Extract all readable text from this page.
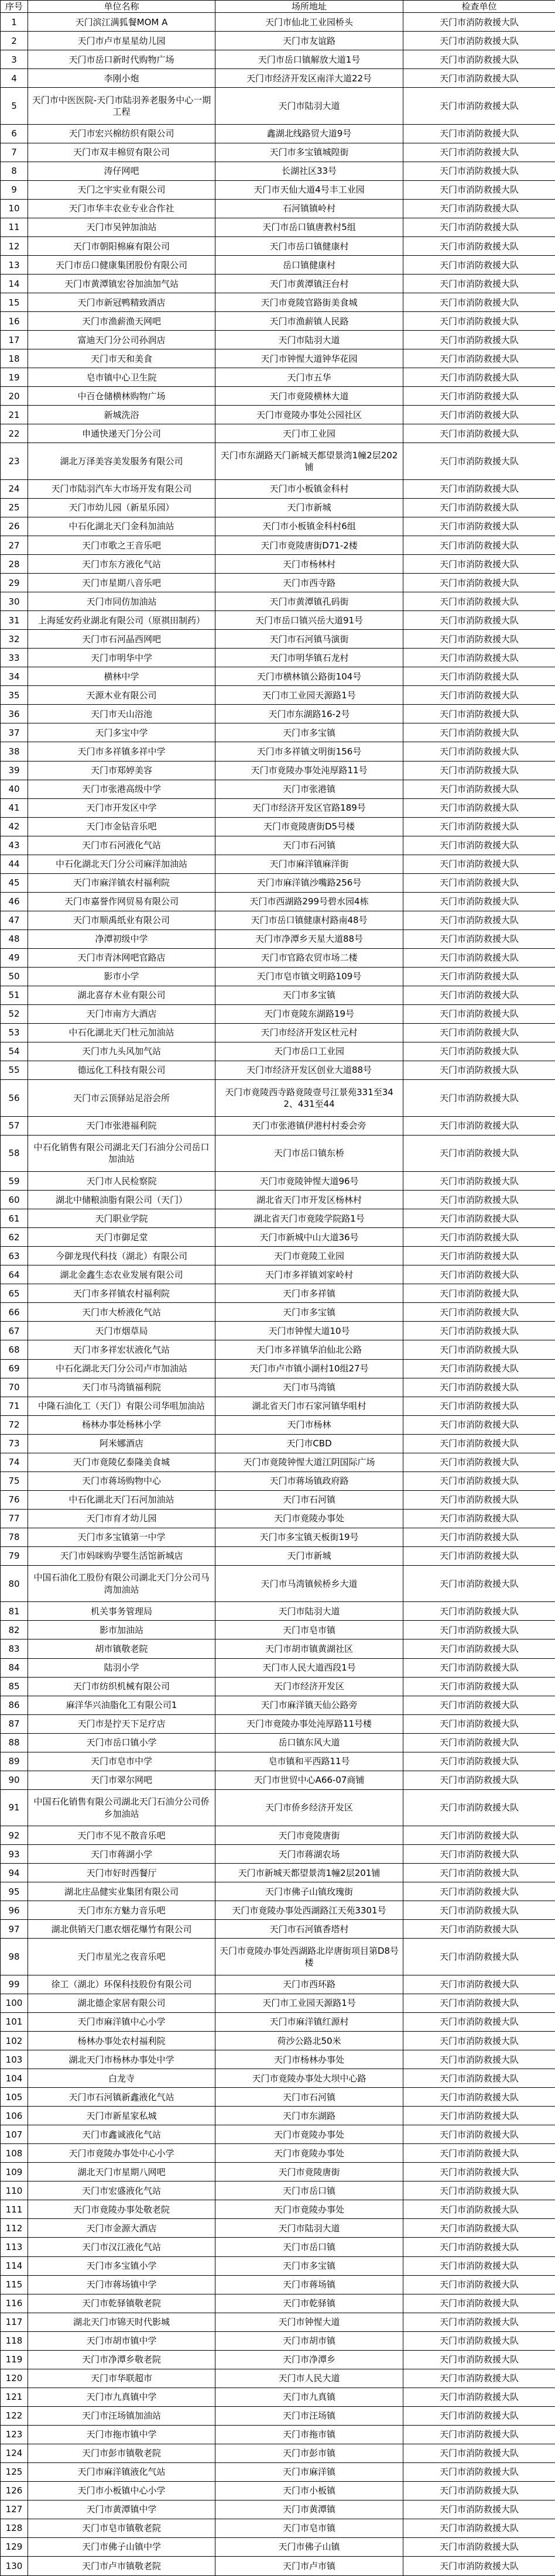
序号	单位名称	场所地址	检查单位
1	天门滨江满狐餐MOM A	天门市仙北工业园桥头	天门市消防救援大队
2	天门市卢市星星幼儿园	天门市友谊路	天门市消防救援大队
3	天门市岳口新时代购物广场	天门市岳口镇解放大道1号	天门市消防救援大队
4	李刚小炮	天门市经济开发区南洋大道22号	天门市消防救援大队
5	天门市中医医院-天门市陆羽养老服务中心一期工程	天门市陆羽大道	天门市消防救援大队
6	天门市宏兴棉纺织有限公司	鑫湖北线路贸大道9号	天门市消防救援大队
7	天门市双丰棉贸有限公司	天门市多宝镇城隍街	天门市消防救援大队
8	涛仔网吧	长湖社区33号	天门市消防救援大队
9	天门之宇实业有限公司	天门市天仙大道4号丰工业园	天门市消防救援大队
10	天门市华丰农业专业合作社	石河镇镇岭村	天门市消防救援大队
11	天门市吴钟加油站	天门市岳口镇唐教村5组	天门市消防救援大队
12	天门市朝阳棉麻有限公司	天门市岳口镇健康村	天门市消防救援大队
13	天门市岳口健康集团股份有限公司	岳口镇健康村	天门市消防救援大队
14	天门市黄潭镇宏谷加油加气站	天门市黄潭镇汪台村	天门市消防救援大队
15	天门市新冠鸭精致酒店	天门市竟陵官路街美食城	天门市消防救援大队
16	天门市渔薪渔天网吧	天门市渔薪镇人民路	天门市消防救援大队
17	富迪天门分公司孙润店	天门市陆羽大道	天门市消防救援大队
18	天门市天和美食	天门市钟惺大道钟华花园	天门市消防救援大队
19	皂市镇中心卫生院	天门市五华	天门市消防救援大队
20	中百仓储横林购物广场	天门市竟陵横林大道	天门市消防救援大队
21	新城洗浴	天门市竟陵办事处公园社区	天门市消防救援大队
22	申通快递天门分公司	天门市工业园	天门市消防救援大队
23	湖北万泽美容美发服务有限公司	天门市东湖路天门新城天都望景湾1幢2层202铺	天门市消防救援大队
24	天门市陆羽汽车大市场开发有限公司	天门市小板镇金科村	天门市消防救援大队
25	天门市幼儿园（新星乐园）	天门市新城	天门市消防救援大队
26	中石化湖北天门金科加油站	天门市小板镇金科村6组	天门市消防救援大队
27	天门市歌之王音乐吧	天门市竟陵唐街D71-2楼	天门市消防救援大队
28	天门市东方液化气站	天门市杨林村	天门市消防救援大队
29	天门市星期八音乐吧	天门市西寺路	天门市消防救援大队
30	天门市同仿加油站	天门市黄潭镇孔码街	天门市消防救援大队
31	上海延安药业湖北有限公司（原祺田制药）	天门市岳口镇兴岳大道91号	天门市消防救援大队
32	天门市石河晶西网吧	天门市石河镇马演街	天门市消防救援大队
33	天门市明华中学	天门市明华镇石龙村	天门市消防救援大队
34	横林中学	天门市横林镇公路街104号	天门市消防救援大队
35	天源木业有限公司	天门市工业园天源路1号	天门市消防救援大队
36	天门市天山浴池	天门市东湖路16-2号	天门市消防救援大队
37	天门多宝中学	天门市多宝镇	天门市消防救援大队
38	天门市多祥镇多祥中学	天门市多祥镇文明街156号	天门市消防救援大队
39	天门市郑婷美容	天门市竟陵办事处沌厚路11号	天门市消防救援大队
40	天门市张港高级中学	天门市张港镇	天门市消防救援大队
41	天门市开发区中学	天门市经济开发区官路189号	天门市消防救援大队
42	天门市金钻音乐吧	天门市竟陵唐街D5号楼	天门市消防救援大队
43	天门市石河液化气站	天门市石河镇	天门市消防救援大队
44	中石化湖北天门分公司麻洋加油站	天门市麻洋镇麻洋街	天门市消防救援大队
45	天门市麻洋镇农村福利院	天门市麻洋镇沙嘴路256号	天门市消防救援大队
46	天门市嘉誉作网贸易有限公司	天门市西湖路299号碧水园4栋	天门市消防救援大队
47	天门市顺禹纸业有限公司	天门市岳口镇健康村路南48号	天门市消防救援大队
48	净潭初级中学	天门市净潭乡天星大道88号	天门市消防救援大队
49	天门市青沐网吧官路店	天门市官路农贸市场二楼	天门市消防救援大队
50	影市小学	天门市皂市镇文明路109号	天门市消防救援大队
51	湖北喜存木业有限公司	天门市多宝镇	天门市消防救援大队
52	天门市南方大酒店	天门市竟陵东湖路19号	天门市消防救援大队
53	中石化湖北天门杜元加油站	天门市经济开发区杜元村	天门市消防救援大队
54	天门市九头风加气站	天门市岳口工业园	天门市消防救援大队
55	德远化工科技有限公司	天门市经济开发区创业大道88号	天门市消防救援大队
56	天门市云顶驿站足浴会所	天门市竟陵西寺路竟陵壹号江景苑331至342、431至44	天门市消防救援大队
57	天门市张港福利院	天门市张港镇伊港村村委会旁	天门市消防救援大队
58	中石化销售有限公司湖北天门石油分公司岳口加油站	天门市岳口镇东桥	天门市消防救援大队
59	天门市人民检察院	天门市竟陵钟惺大道96号	天门市消防救援大队
60	湖北中储粮油脂有限公司（天门）	湖北省天门市开发区杨林村	天门市消防救援大队
61	天门职业学院	湖北省天门市竟陵学院路1号	天门市消防救援大队
62	天门市御足堂	天门市新城中山大道36号	天门市消防救援大队
63	今御龙现代科技（湖北）有限公司	天门市竟陵工业园	天门市消防救援大队
64	湖北金鑫生态农业发展有限公司	天门市多祥镇刘家岭村	天门市消防救援大队
65	天门市多祥镇农村福利院	天门市多祥镇	天门市消防救援大队
66	天门市大桥液化气站	天门市多宝镇	天门市消防救援大队
67	天门市烟草局	天门市钟惺大道10号	天门市消防救援大队
68	天门市多祥宏状液化气站	天门市多祥镇华泊仙北公路	天门市消防救援大队
69	中石化湖北天门分公司卢市加油站	天门市卢市镇小湖村10组27号	天门市消防救援大队
70	天门市马湾镇福利院	天门市马湾镇	天门市消防救援大队
71	中隆石油化工（天门）有限公司华咀加油站	湖北省天门市石家河镇华咀村	天门市消防救援大队
72	杨林办事处杨林小学	天门市杨林	天门市消防救援大队
73	阿米娜酒店	天门市CBD	天门市消防救援大队
74	天门市竟陵亿泰隆美食城	天门市竟陵钟惺大道江阴国际广场	天门市消防救援大队
75	天门市蒋场购物中心	天门市蒋场镇政府路	天门市消防救援大队
76	中石化湖北天门石河加油站	天门市石河镇	天门市消防救援大队
77	天门市育才幼儿园	天门市竟陵办事处	天门市消防救援大队
78	天门市多宝镇第一中学	天门市多宝镇天板街19号	天门市消防救援大队
79	天门市妈咪购孕婴生活馆新城店	天门市新城	天门市消防救援大队
80	中国石油化工股份有限公司湖北天门分公司马湾加油站	天门市马湾镇候桥乡大道	天门市消防救援大队
81	机关事务管理局	天门市陆羽大道	天门市消防救援大队
82	影市加油站	天门市皂市镇	天门市消防救援大队
83	胡市镇敬老院	天门市胡市镇黄湖社区	天门市消防救援大队
84	陆羽小学	天门市人民大道西段1号	天门市消防救援大队
85	天门市纺织机械有限公司	天门市经济开发区	天门市消防救援大队
86	麻洋华兴油脂化工有限公司1	天门市麻洋镇天仙公路旁	天门市消防救援大队
87	天门市是拧天下足疗店	天门市竟陵办事处沌厚路11号楼	天门市消防救援大队
88	天门市岳口镇小学	岳口镇东风大道	天门市消防救援大队
89	天门市皂市中学	皂市镇和平西路11号	天门市消防救援大队
90	天门市翠尔网吧	天门市世贸中心A66-07商铺	天门市消防救援大队
91	中国石化销售有限公司湖北天门石油分公司侨乡加油站	天门市侨乡经济开发区	天门市消防救援大队
92	天门市不见不散音乐吧	天门市竟陵唐街	天门市消防救援大队
93	天门市蒋湖小学	天门市蒋湖农场	天门市消防救援大队
94	天门市好时西餐厅	天门市新城天都望景湾1幢2层201铺	天门市消防救援大队
95	湖北庄品健实业集团有限公司	天门市佛子山镇玫瑰街	天门市消防救援大队
96	天门市东方魅力音乐吧	天门市竟陵办事处西湖路江天苑3301号	天门市消防救援大队
97	湖北供销天门惠农烟花爆竹有限公司	天门市石河镇香塔村	天门市消防救援大队
98	天门市星光之夜音乐吧	天门市竟陵办事处西湖路北岸唐街项目第D8号楼	天门市消防救援大队
99	徐工（湖北）环保科技股份有限公司	天门市西环路	天门市消防救援大队
100	湖北德企家居有限公司	天门市工业园天源路1号	天门市消防救援大队
101	天门市麻洋镇中心小学	天门市麻洋镇红源村	天门市消防救援大队
102	杨林办事处农村福利院	荷沙公路北50米	天门市消防救援大队
103	湖北天门市杨林办事处中学	天门市杨林办事处	天门市消防救援大队
104	白龙寺	天门市竟陵办事处大坝中心路	天门市消防救援大队
105	天门市石河镇新鑫液化气站	天门市石河镇	天门市消防救援大队
106	天门市新星家私城	天门市东湖路	天门市消防救援大队
107	天门市鑫诚液化气站	天门市竟陵办事处	天门市消防救援大队
108	天门市竟陵办事处中心小学	天门市竟陵办事处	天门市消防救援大队
109	湖北天门市星期八网吧	天门市竟陵唐街	天门市消防救援大队
110	天门市宏盛液化气站	天门市岳口镇	天门市消防救援大队
111	天门市竟陵办事处敬老院	天门市竟陵办事处	天门市消防救援大队
112	天门市金源大酒店	天门市陆羽大道	天门市消防救援大队
113	天门市汉江液化气站	天门市岳口镇	天门市消防救援大队
114	天门市多宝镇小学	天门市多宝镇	天门市消防救援大队
115	天门市蒋场镇中学	天门市蒋场镇	天门市消防救援大队
116	天门市乾驿镇敬老院	天门市乾驿镇	天门市消防救援大队
117	湖北天门市锦天时代影城	天门市钟惺大道	天门市消防救援大队
118	天门市胡市镇中学	天门市胡市镇	天门市消防救援大队
119	天门市净潭乡敬老院	天门市净潭乡	天门市消防救援大队
120	天门市华联超市	天门市人民大道	天门市消防救援大队
121	天门市九真镇中学	天门市九真镇	天门市消防救援大队
122	天门市汪场镇加油站	天门市汪场镇	天门市消防救援大队
123	天门市拖市镇中学	天门市拖市镇	天门市消防救援大队
124	天门市彭市镇敬老院	天门市彭市镇	天门市消防救援大队
125	天门市麻洋镇液化气站	天门市麻洋镇	天门市消防救援大队
126	天门市小板镇中心小学	天门市小板镇	天门市消防救援大队
127	天门市黄潭镇中学	天门市黄潭镇	天门市消防救援大队
128	天门市皂市镇敬老院	天门市皂市镇	天门市消防救援大队
129	天门市佛子山镇中学	天门市佛子山镇	天门市消防救援大队
130	天门市卢市镇敬老院	天门市卢市镇	天门市消防救援大队
